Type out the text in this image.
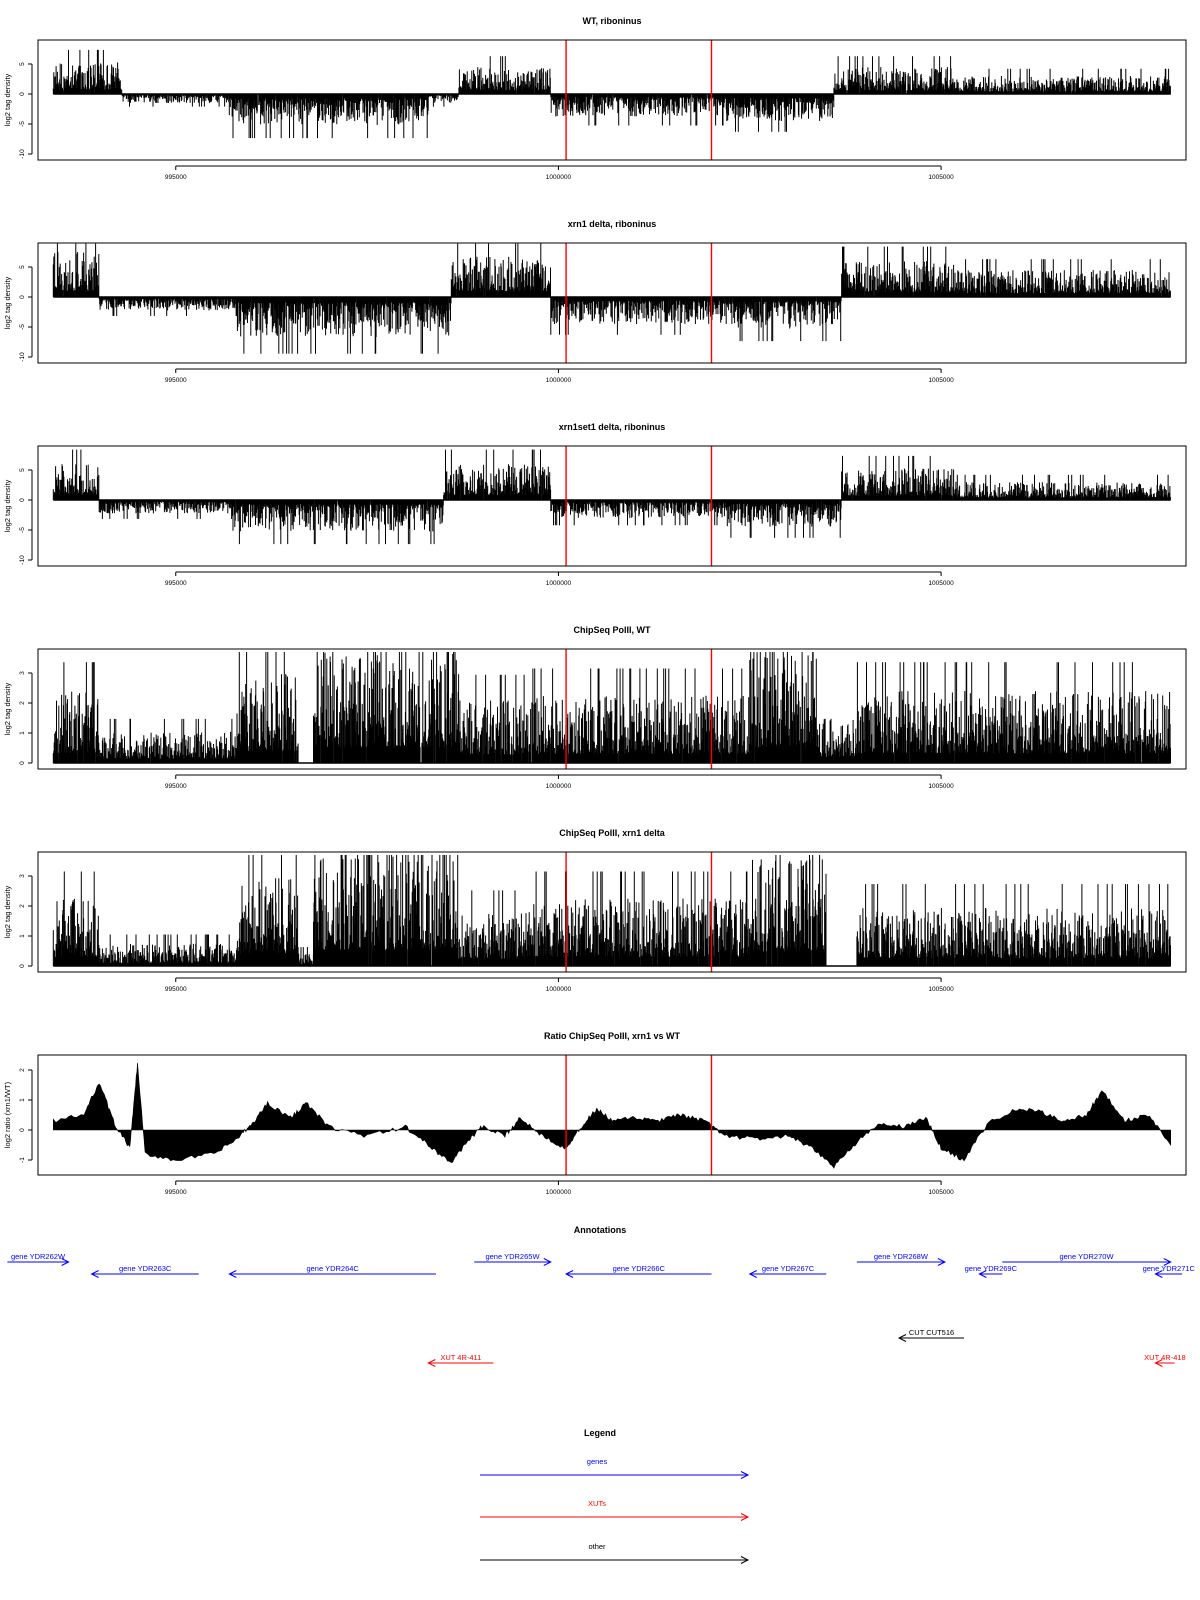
WT, riboninus
log2 tag density
-10
-5
0
5
995000	1000000	1005000
xrn1 delta, riboninus
log2 tag density
-10
-5
0
5
995000	1000000	1005000
xrn1set1 delta, riboninus
log2 tag density
-10
-5
0
5
995000	1000000	1005000
ChipSeq PolII, WT
log2 tag density
0
1
2
3
995000	1000000	1005000
ChipSeq PolII, xrn1 delta
log2 tag density
0
1
2
3
995000	1000000	1005000
Ratio ChipSeq PolII, xrn1 vs WT
log2 ratio (xrn1/WT)
-1
0
1
2
995000	1000000	1005000
Annotations
gene YDR262W
gene YDR263C	gene YDR264C
gene YDR265W
gene YDR266C	gene YDR267C
gene YDR268W
gene YDR269C
gene YDR270W
gene YDR271C
CUT CUT516
XUT 4R-411	XUT 4R-418
Legend
genes
XUTs
other
